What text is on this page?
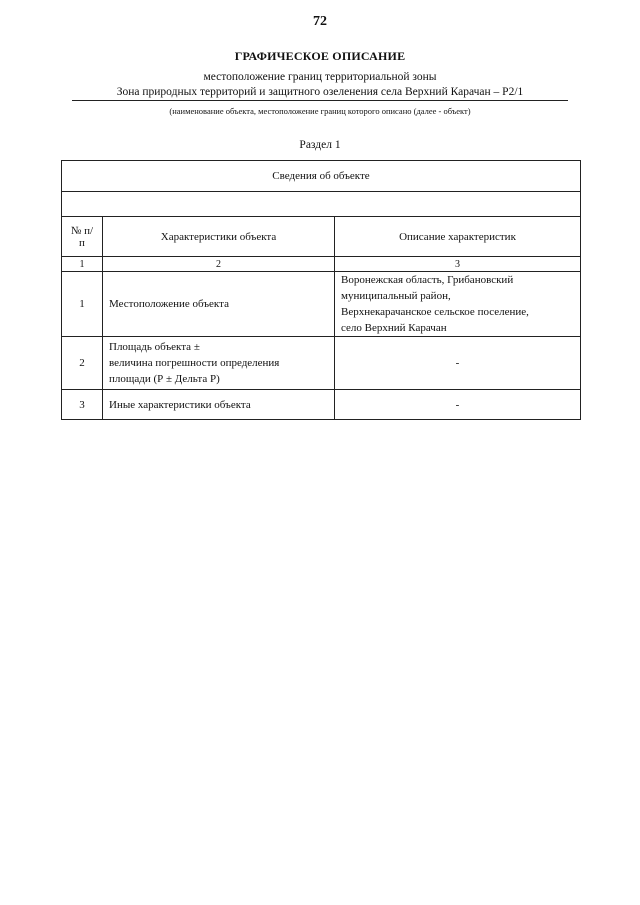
72
ГРАФИЧЕСКОЕ ОПИСАНИЕ
местоположение границ территориальной зоны
Зона природных территорий и защитного озеленения села Верхний Карачан – Р2/1
(наименование объекта, местоположение границ которого описано (далее - объект)
Раздел 1
Сведения об объекте		

№ п/п	Характеристики объекта	Описание характеристик
1	2	3
1	Местоположение объекта	Воронежская область, Грибановский
муниципальный район,
Верхнекарачанское сельское поселение,
село Верхний Карачан

2	Площадь объекта ±
величина погрешности определения
площади (Р ± Дельта Р)	-
3	Иные характеристики объекта	-
